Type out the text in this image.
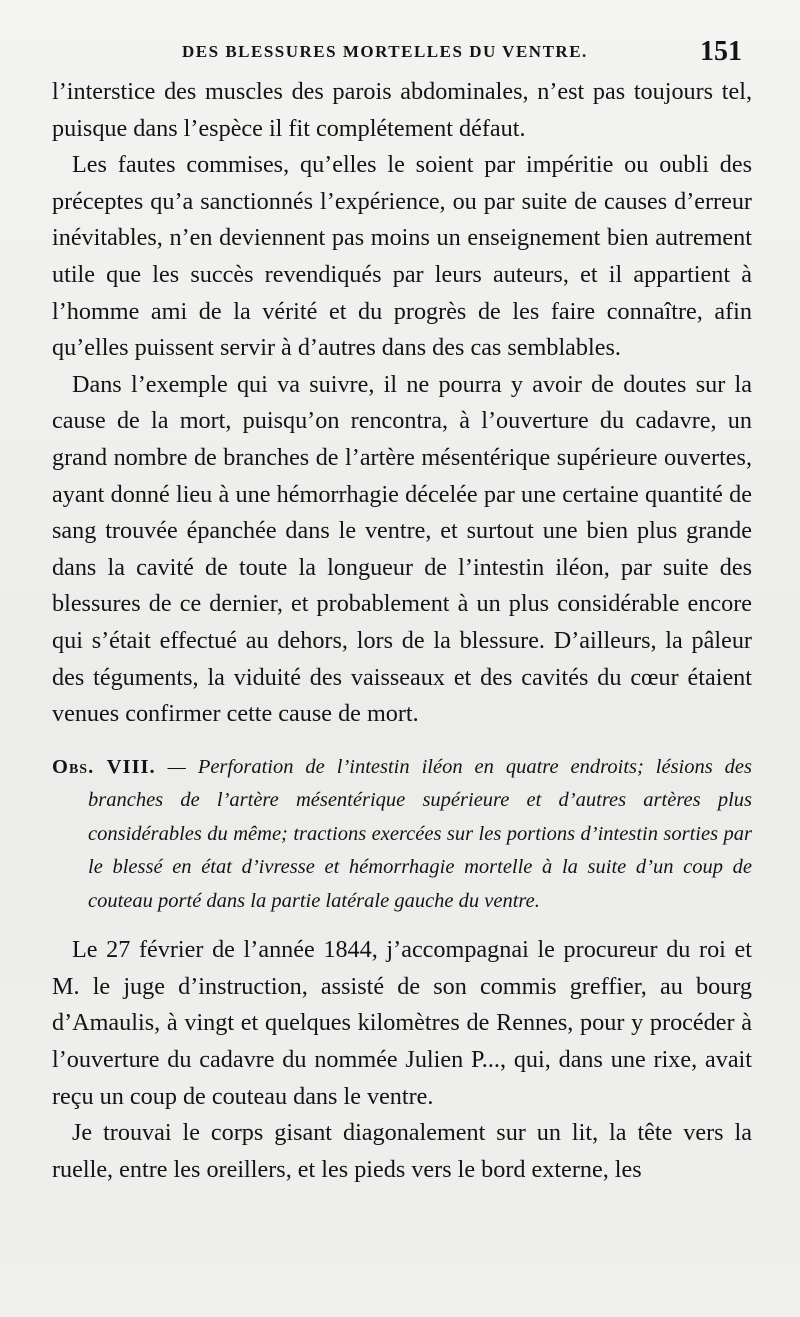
DES BLESSURES MORTELLES DU VENTRE.	151

l’interstice des muscles des parois abdominales, n’est pas toujours tel, puisque dans l’espèce il fit complétement défaut.

Les fautes commises, qu’elles le soient par impéritie ou oubli des préceptes qu’a sanctionnés l’expérience, ou par suite de causes d’erreur inévitables, n’en deviennent pas moins un enseignement bien autrement utile que les succès revendiqués par leurs auteurs, et il appartient à l’homme ami de la vérité et du progrès de les faire connaître, afin qu’elles puissent servir à d’autres dans des cas semblables.

Dans l’exemple qui va suivre, il ne pourra y avoir de doutes sur la cause de la mort, puisqu’on rencontra, à l’ouverture du cadavre, un grand nombre de branches de l’artère mésentérique supérieure ouvertes, ayant donné lieu à une hémorrhagie décelée par une certaine quantité de sang trouvée épanchée dans le ventre, et surtout une bien plus grande dans la cavité de toute la longueur de l’intestin iléon, par suite des blessures de ce dernier, et probablement à un plus considérable encore qui s’était effectué au dehors, lors de la blessure. D’ailleurs, la pâleur des téguments, la viduité des vaisseaux et des cavités du cœur étaient venues confirmer cette cause de mort.

Obs. VIII. — Perforation de l’intestin iléon en quatre endroits; lésions des branches de l’artère mésentérique supérieure et d’autres artères plus considérables du même; tractions exercées sur les portions d’intestin sorties par le blessé en état d’ivresse et hémorrhagie mortelle à la suite d’un coup de couteau porté dans la partie latérale gauche du ventre.

Le 27 février de l’année 1844, j’accompagnai le procureur du roi et M. le juge d’instruction, assisté de son commis greffier, au bourg d’Amaulis, à vingt et quelques kilomètres de Rennes, pour y procéder à l’ouverture du cadavre du nommée Julien P..., qui, dans une rixe, avait reçu un coup de couteau dans le ventre.

Je trouvai le corps gisant diagonalement sur un lit, la tête vers la ruelle, entre les oreillers, et les pieds vers le bord externe, les
